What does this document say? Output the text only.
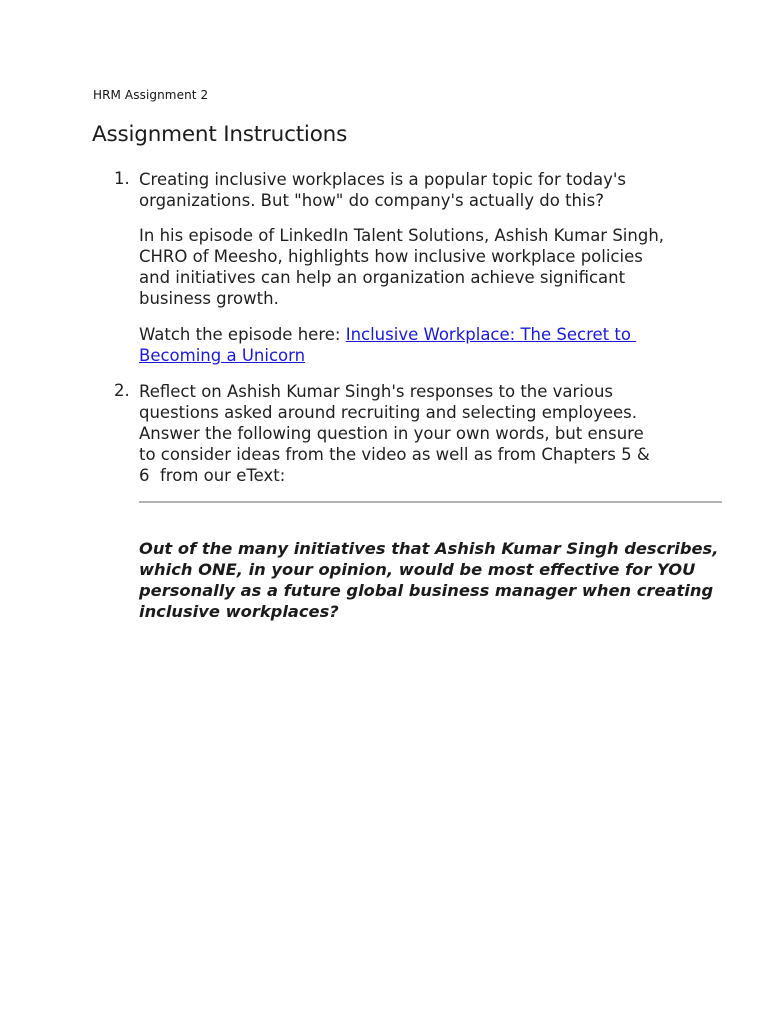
HRM Assignment 2
Assignment Instructions
1. Creating inclusive workplaces is a popular topic for today's
organizations. But "how" do company's actually do this?

In his episode of LinkedIn Talent Solutions, Ashish Kumar Singh,
CHRO of Meesho, highlights how inclusive workplace policies
and initiatives can help an organization achieve significant
business growth.

Watch the episode here: Inclusive Workplace: The Secret to
Becoming a Unicorn

2. Reflect on Ashish Kumar Singh's responses to the various
questions asked around recruiting and selecting employees.
Answer the following question in your own words, but ensure
to consider ideas from the video as well as from Chapters 5 &
6  from our eText:

Out of the many initiatives that Ashish Kumar Singh describes,
which ONE, in your opinion, would be most effective for YOU
personally as a future global business manager when creating
inclusive workplaces?
